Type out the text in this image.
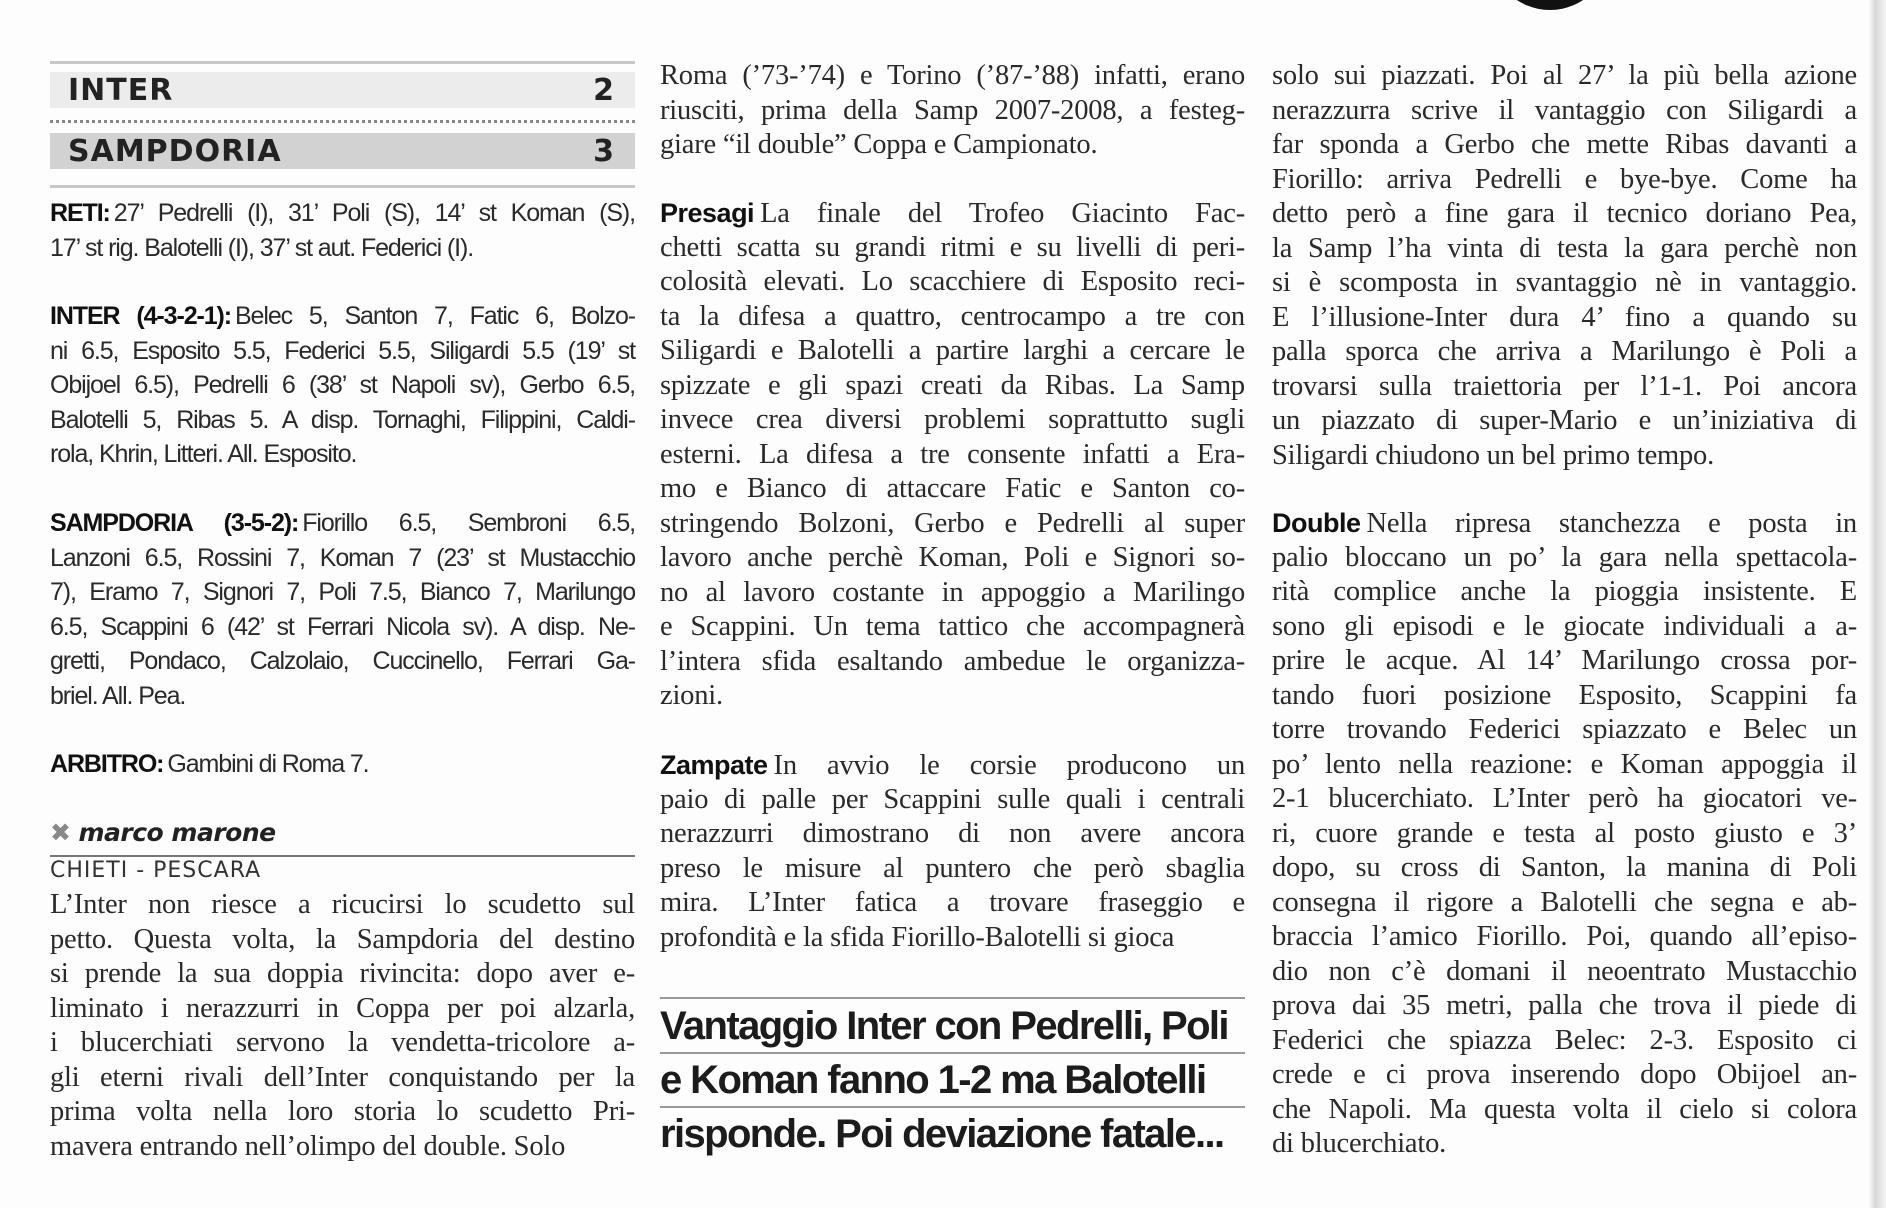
INTER	2
SAMPDORIA	3
RETI: 27’ Pedrelli (I), 31’ Poli (S), 14’ st Koman (S),
17’ st rig. Balotelli (I), 37’ st aut. Federici (I).
INTER (4-3-2-1): Belec 5, Santon 7, Fatic 6, Bolzo-
ni 6.5, Esposito 5.5, Federici 5.5, Siligardi 5.5 (19’ st
Obijoel 6.5), Pedrelli 6 (38’ st Napoli sv), Gerbo 6.5,
Balotelli 5, Ribas 5. A disp. Tornaghi, Filippini, Caldi-
rola, Khrin, Litteri. All. Esposito.
SAMPDORIA (3-5-2): Fiorillo 6.5, Sembroni 6.5,
Lanzoni 6.5, Rossini 7, Koman 7 (23’ st Mustacchio
7), Eramo 7, Signori 7, Poli 7.5, Bianco 7, Marilungo
6.5, Scappini 6 (42’ st Ferrari Nicola sv). A disp. Ne-
gretti, Pondaco, Calzolaio, Cuccinello, Ferrari Ga-
briel. All. Pea.
ARBITRO: Gambini di Roma 7.
✖ marco marone
CHIETI - PESCARA
L’Inter non riesce a ricucirsi lo scudetto sul
petto. Questa volta, la Sampdoria del destino
si prende la sua doppia rivincita: dopo aver e-
liminato i nerazzurri in Coppa per poi alzarla,
i blucerchiati servono la vendetta-tricolore a-
gli eterni rivali dell’Inter conquistando per la
prima volta nella loro storia lo scudetto Pri-
mavera entrando nell’olimpo del double. Solo
Roma (’73-’74) e Torino (’87-’88) infatti, erano
riusciti, prima della Samp 2007-2008, a festeg-
giare “il double” Coppa e Campionato.
Presagi La finale del Trofeo Giacinto Fac-
chetti scatta su grandi ritmi e su livelli di peri-
colosità elevati. Lo scacchiere di Esposito reci-
ta la difesa a quattro, centrocampo a tre con
Siligardi e Balotelli a partire larghi a cercare le
spizzate e gli spazi creati da Ribas. La Samp
invece crea diversi problemi soprattutto sugli
esterni. La difesa a tre consente infatti a Era-
mo e Bianco di attaccare Fatic e Santon co-
stringendo Bolzoni, Gerbo e Pedrelli al super
lavoro anche perchè Koman, Poli e Signori so-
no al lavoro costante in appoggio a Marilingo
e Scappini. Un tema tattico che accompagnerà
l’intera sfida esaltando ambedue le organizza-
zioni.
Zampate In avvio le corsie producono un
paio di palle per Scappini sulle quali i centrali
nerazzurri dimostrano di non avere ancora
preso le misure al puntero che però sbaglia
mira. L’Inter fatica a trovare fraseggio e
profondità e la sfida Fiorillo-Balotelli si gioca
Vantaggio Inter con Pedrelli, Poli
e Koman fanno 1-2 ma Balotelli
risponde. Poi deviazione fatale...
solo sui piazzati. Poi al 27’ la più bella azione
nerazzurra scrive il vantaggio con Siligardi a
far sponda a Gerbo che mette Ribas davanti a
Fiorillo: arriva Pedrelli e bye-bye. Come ha
detto però a fine gara il tecnico doriano Pea,
la Samp l’ha vinta di testa la gara perchè non
si è scomposta in svantaggio nè in vantaggio.
E l’illusione-Inter dura 4’ fino a quando su
palla sporca che arriva a Marilungo è Poli a
trovarsi sulla traiettoria per l’1-1. Poi ancora
un piazzato di super-Mario e un’iniziativa di
Siligardi chiudono un bel primo tempo.
Double Nella ripresa stanchezza e posta in
palio bloccano un po’ la gara nella spettacola-
rità complice anche la pioggia insistente. E
sono gli episodi e le giocate individuali a a-
prire le acque. Al 14’ Marilungo crossa por-
tando fuori posizione Esposito, Scappini fa
torre trovando Federici spiazzato e Belec un
po’ lento nella reazione: e Koman appoggia il
2-1 blucerchiato. L’Inter però ha giocatori ve-
ri, cuore grande e testa al posto giusto e 3’
dopo, su cross di Santon, la manina di Poli
consegna il rigore a Balotelli che segna e ab-
braccia l’amico Fiorillo. Poi, quando all’episo-
dio non c’è domani il neoentrato Mustacchio
prova dai 35 metri, palla che trova il piede di
Federici che spiazza Belec: 2-3. Esposito ci
crede e ci prova inserendo dopo Obijoel an-
che Napoli. Ma questa volta il cielo si colora
di blucerchiato.
